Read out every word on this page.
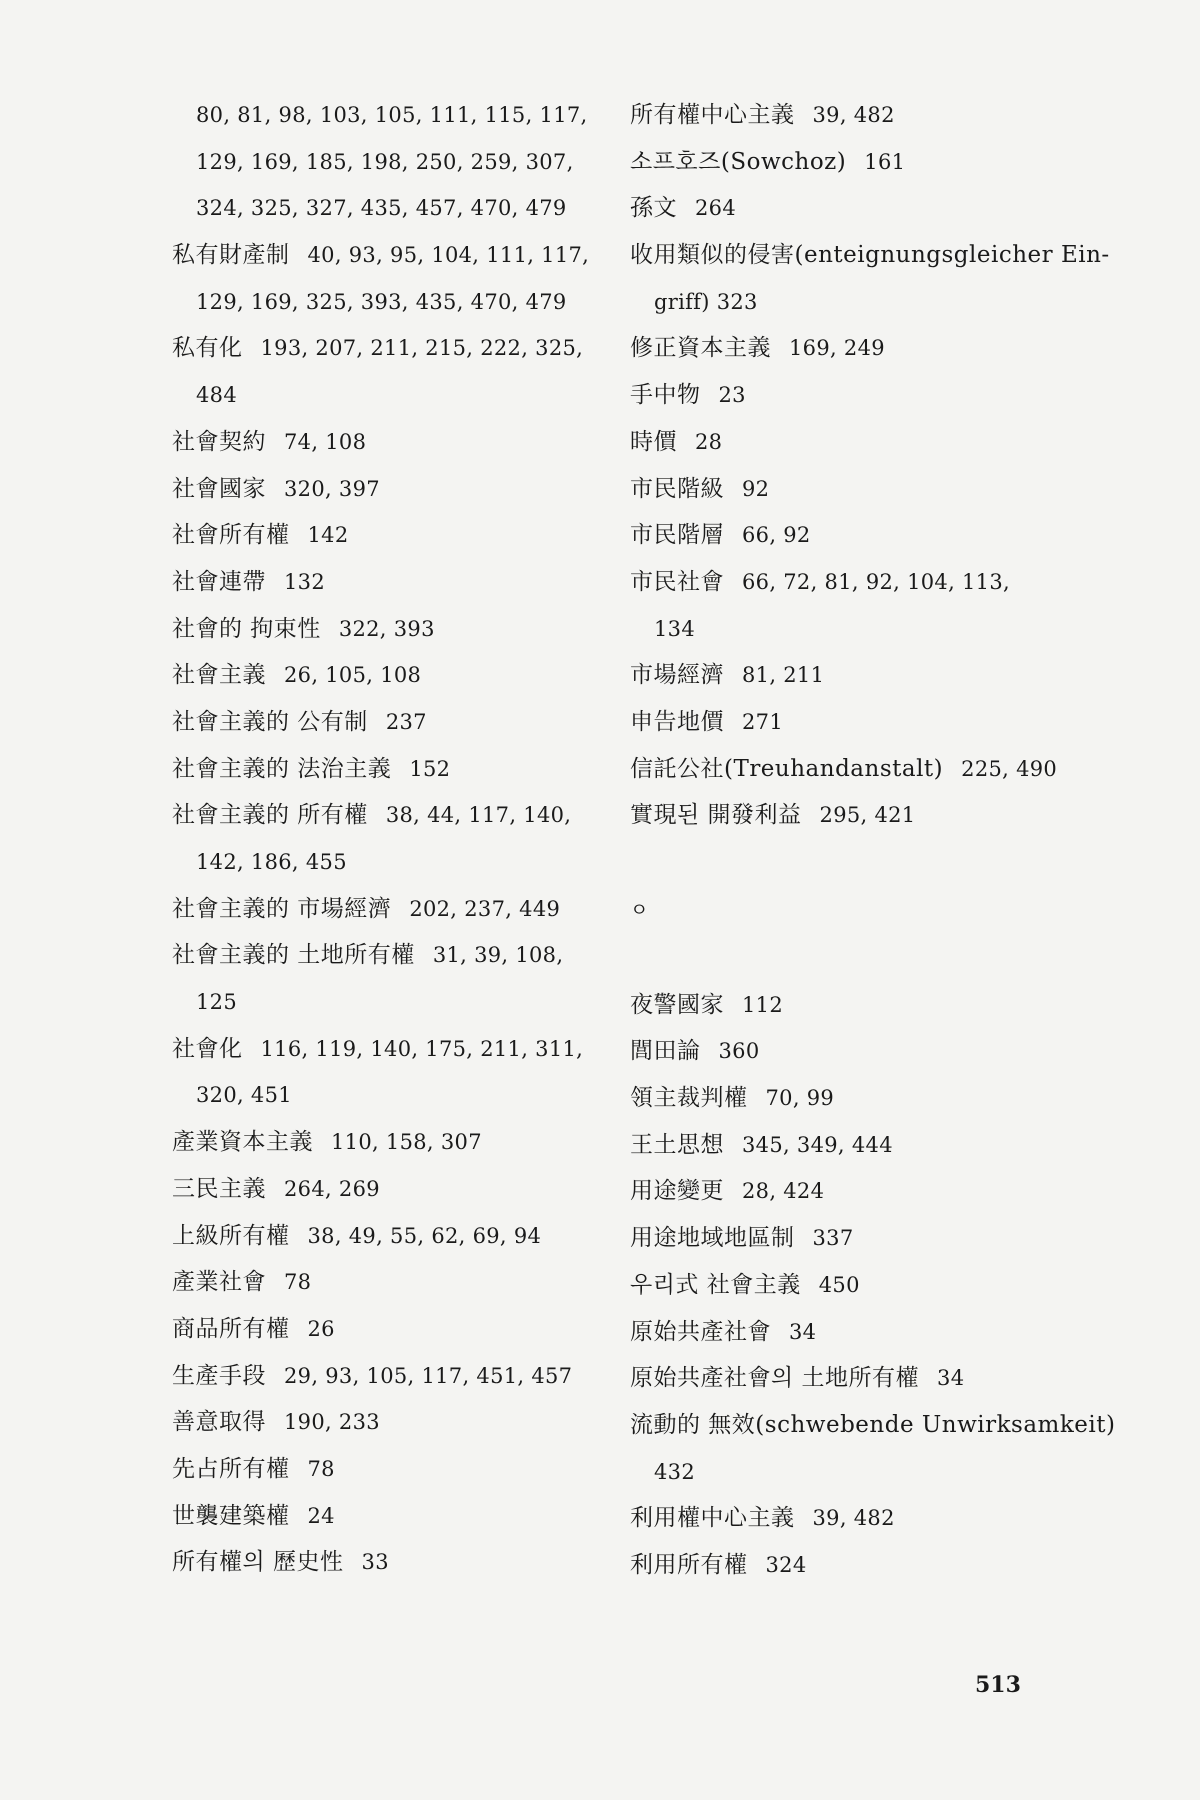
80, 81, 98, 103, 105, 111, 115, 117,
129, 169, 185, 198, 250, 259, 307,
324, 325, 327, 435, 457, 470, 479
私有財產制 40, 93, 95, 104, 111, 117,
129, 169, 325, 393, 435, 470, 479
私有化 193, 207, 211, 215, 222, 325,
484
社會契約 74, 108
社會國家 320, 397
社會所有權 142
社會連帶 132
社會的 拘束性 322, 393
社會主義 26, 105, 108
社會主義的 公有制 237
社會主義的 法治主義 152
社會主義的 所有權 38, 44, 117, 140,
142, 186, 455
社會主義的 市場經濟 202, 237, 449
社會主義的 土地所有權 31, 39, 108,
125
社會化 116, 119, 140, 175, 211, 311,
320, 451
產業資本主義 110, 158, 307
三民主義 264, 269
上級所有權 38, 49, 55, 62, 69, 94
產業社會 78
商品所有權 26
生產手段 29, 93, 105, 117, 451, 457
善意取得 190, 233
先占所有權 78
世襲建築權 24
所有權의 歷史性 33
所有權中心主義 39, 482
소프호즈(Sowchoz) 161
孫文 264
收用類似的侵害(enteignungsgleicher Ein-
griff) 323
修正資本主義 169, 249
手中物 23
時價 28
市民階級 92
市民階層 66, 92
市民社會 66, 72, 81, 92, 104, 113,
134
市場經濟 81, 211
申告地價 271
信託公社(Treuhandanstalt) 225, 490
實現된 開發利益 295, 421
ㅇ
夜警國家 112
閭田論 360
領主裁判權 70, 99
王土思想 345, 349, 444
用途變更 28, 424
用途地域地區制 337
우리式 社會主義 450
原始共產社會 34
原始共產社會의 土地所有權 34
流動的 無效(schwebende Unwirksamkeit)
432
利用權中心主義 39, 482
利用所有權 324
513
